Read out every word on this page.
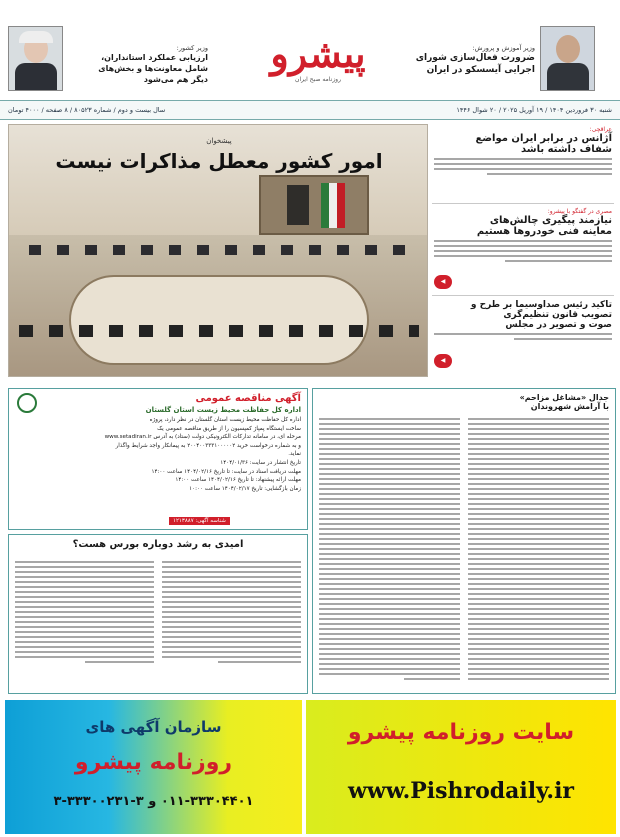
وزیر آموزش و پرورش:
ضرورت فعال‌سازی شورای
اجرایی آیسسکو در ایران
پیشرو
روزنامه صبح ایران
وزیر کشور:
ارزیابی عملکرد استانداران،
شامل معاونت‌ها و بخش‌های
دیگر هم می‌شود
شنبه ۳۰ فروردین ۱۴۰۴ / ۱۹ آوریل ۲۰۲۵ / ۲۰ شوال ۱۴۴۶
سال بیست و دوم / شماره ۸۰۵۲۳ / ۸ صفحه / ۴۰۰۰ تومان
پیشخوان
امور کشور معطل مذاکرات نیست
عراقچی:
آژانس در برابر ایران مواضع
شفاف داشته باشد
مصری در گفتگو با پیشرو:
نیازمند پیگیری چالش‌های
معاینه فنی خودروها هستیم
◀
تاکید رئیس صداوسیما بر طرح و
تصویب قانون تنظیم‌گری
صوت و تصویر در مجلس
◀
آگهی مناقصه عمومی
اداره کل حفاظت محیط زیست استان گلستان
اداره کل حفاظت محیط زیست استان گلستان در نظر دارد، پروژه
ساخت ایستگاه پمپاژ کمپسیون را از طریق مناقصه عمومی یک
مرحله ای، در سامانه تدارکات الکترونیکی دولت (ستاد) به آدرس www.setadiran.ir
و به شماره درخواست خرید ۲۰۰۴۰۰۳۳۳۱۰۰۰۰۰۲ به پیمانکار واجد شرایط واگذار
نماید.
تاریخ انتشار در سایت: ۱۴۰۴/۰۱/۳۶
مهلت دریافت اسناد در سایت: تا تاریخ ۱۴۰۴/۰۲/۱۶ ساعت ۱۴:۰۰
مهلت ارائه پیشنهاد: تا تاریخ ۱۴۰۴/۰۲/۱۶ ساعت ۱۴:۰۰
زمان بازگشایی: تاریخ ۱۴۰۴/۰۲/۱۷ ساعت ۱۰:۰۰
شناسه آگهی: ۱۲۱۳۸۸۷
امیدی به رشد دوباره بورس هست؟
جدال «مشاغل مزاحم»
با آرامش شهروندان
سازمان آگهی های
روزنامه پیشرو
۰۱۱-۳۳۳۰۴۴۰۱ و ۳-۳۳۳۰۰۲۳۱-۳
سایت روزنامه پیشرو
www.Pishrodaily.ir
